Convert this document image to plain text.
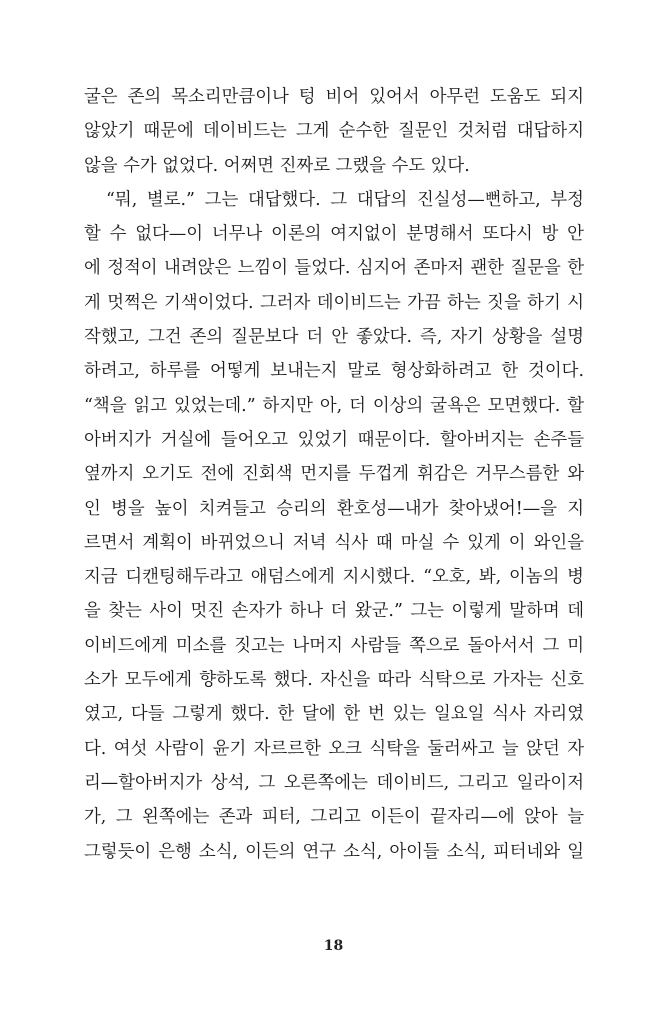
굴은 존의 목소리만큼이나 텅 비어 있어서 아무런 도움도 되지
않았기 때문에 데이비드는 그게 순수한 질문인 것처럼 대답하지
않을 수가 없었다. 어쩌면 진짜로 그랬을 수도 있다.
“뭐, 별로.” 그는 대답했다. 그 대답의 진실성—뻔하고, 부정
할 수 없다—이 너무나 이론의 여지없이 분명해서 또다시 방 안
에 정적이 내려앉은 느낌이 들었다. 심지어 존마저 괜한 질문을 한
게 멋쩍은 기색이었다. 그러자 데이비드는 가끔 하는 짓을 하기 시
작했고, 그건 존의 질문보다 더 안 좋았다. 즉, 자기 상황을 설명
하려고, 하루를 어떻게 보내는지 말로 형상화하려고 한 것이다.
“책을 읽고 있었는데.” 하지만 아, 더 이상의 굴욕은 모면했다. 할
아버지가 거실에 들어오고 있었기 때문이다. 할아버지는 손주들
옆까지 오기도 전에 진회색 먼지를 두껍게 휘감은 거무스름한 와
인 병을 높이 치켜들고 승리의 환호성—내가 찾아냈어!—을 지
르면서 계획이 바뀌었으니 저녁 식사 때 마실 수 있게 이 와인을
지금 디캔팅해두라고 애덤스에게 지시했다. “오호, 봐, 이놈의 병
을 찾는 사이 멋진 손자가 하나 더 왔군.” 그는 이렇게 말하며 데
이비드에게 미소를 짓고는 나머지 사람들 쪽으로 돌아서서 그 미
소가 모두에게 향하도록 했다. 자신을 따라 식탁으로 가자는 신호
였고, 다들 그렇게 했다. 한 달에 한 번 있는 일요일 식사 자리였
다. 여섯 사람이 윤기 자르르한 오크 식탁을 둘러싸고 늘 앉던 자
리—할아버지가 상석, 그 오른쪽에는 데이비드, 그리고 일라이저
가, 그 왼쪽에는 존과 피터, 그리고 이든이 끝자리—에 앉아 늘
그렇듯이 은행 소식, 이든의 연구 소식, 아이들 소식, 피터네와 일
18
